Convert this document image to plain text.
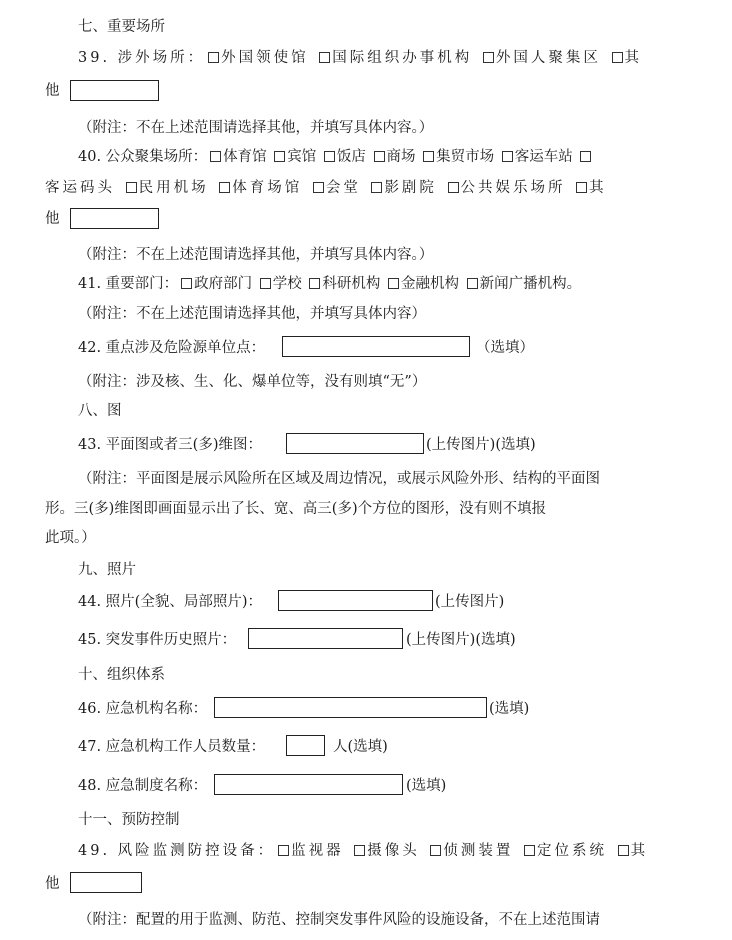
七、重要场所
39. 涉外场所： 外国领使馆 国际组织办事机构 外国人聚集区 其
他
（附注：不在上述范围请选择其他，并填写具体内容。）
40. 公众聚集场所： 体育馆 宾馆 饭店 商场 集贸市场 客运车站
客运码头 民用机场 体育场馆 会堂 影剧院 公共娱乐场所 其
他
（附注：不在上述范围请选择其他，并填写具体内容。）
41. 重要部门： 政府部门 学校 科研机构 金融机构 新闻广播机构。
（附注：不在上述范围请选择其他，并填写具体内容）
42. 重点涉及危险源单位点：	（选填）
（附注：涉及核、生、化、爆单位等，没有则填“无”）
八、图
43. 平面图或者三(多)维图：	(上传图片)(选填)
（附注：平面图是展示风险所在区域及周边情况，或展示风险外形、结构的平面图
形。三(多)维图即画面显示出了长、宽、高三(多)个方位的图形，没有则不填报
此项。）
九、照片
44. 照片(全貌、局部照片)：	(上传图片)
45. 突发事件历史照片：	(上传图片)(选填)
十、组织体系
46. 应急机构名称：	(选填)
47. 应急机构工作人员数量：	人(选填)
48. 应急制度名称：	(选填)
十一、预防控制
49. 风险监测防控设备： 监视器 摄像头 侦测装置 定位系统 其
他
（附注：配置的用于监测、防范、控制突发事件风险的设施设备，不在上述范围请
